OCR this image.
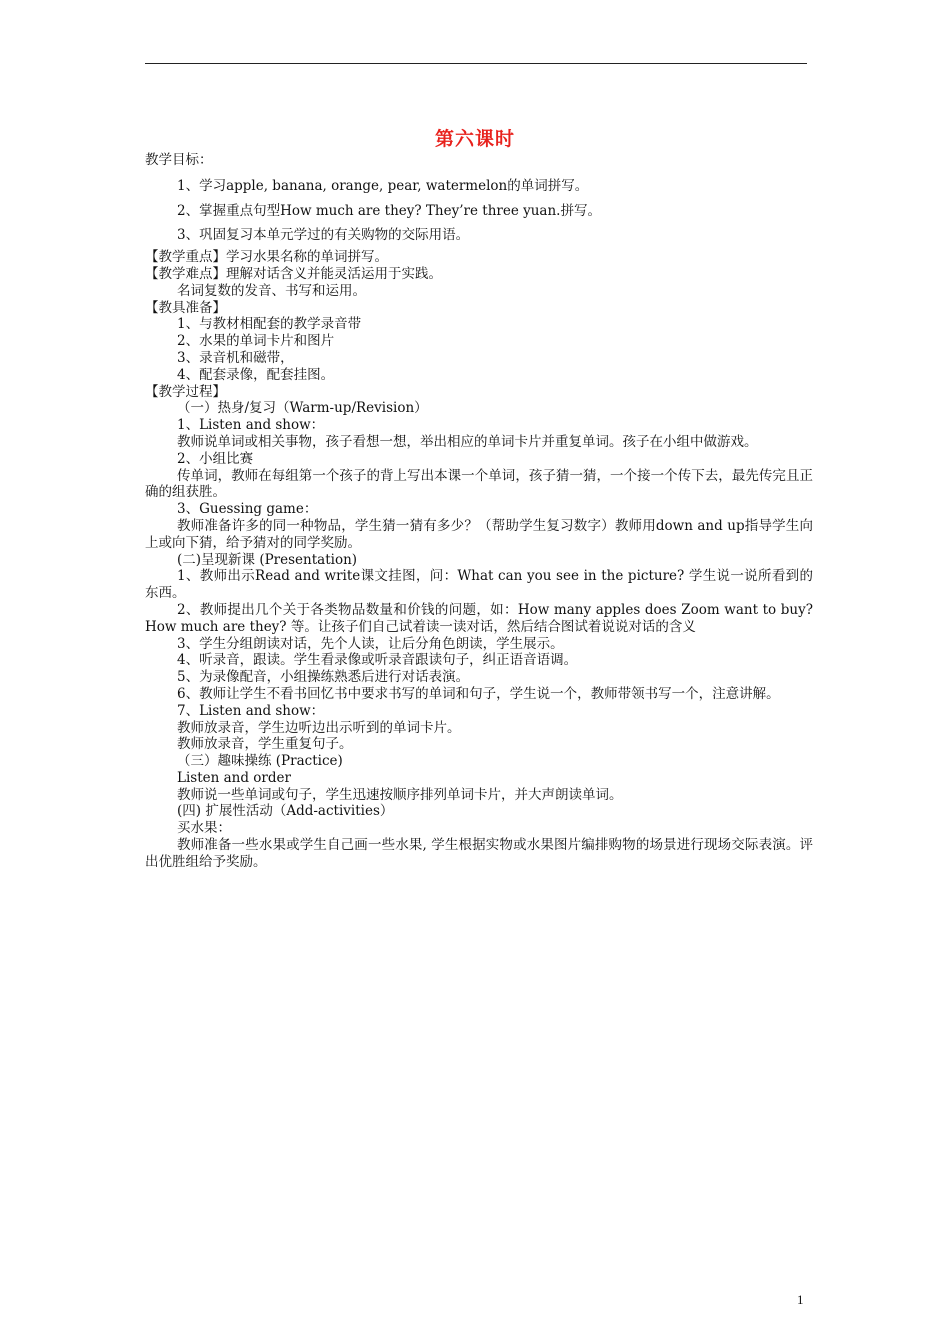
第六课时

教学目标：

1、学习apple, banana, orange, pear, watermelon的单词拼写。

2、掌握重点句型How much are they? They’re three yuan.拼写。

3、巩固复习本单元学过的有关购物的交际用语。

【教学重点】学习水果名称的单词拼写。

【教学难点】理解对话含义并能灵活运用于实践。

名词复数的发音、书写和运用。

【教具准备】

1、与教材相配套的教学录音带

2、水果的单词卡片和图片

3、录音机和磁带，

4、配套录像，配套挂图。

【教学过程】

（一）热身/复习（Warm-up/Revision）

1、Listen and show：

教师说单词或相关事物，孩子看想一想，举出相应的单词卡片并重复单词。孩子在小组中做游戏。

2、小组比赛

传单词，教师在每组第一个孩子的背上写出本课一个单词，孩子猜一猜，一个接一个传下去，最先传完且正确的组获胜。

3、Guessing game：

教师准备许多的同一种物品，学生猜一猜有多少？（帮助学生复习数字）教师用down and up指导学生向上或向下猜，给予猜对的同学奖励。

(二)呈现新课 (Presentation)

1、教师出示Read and write课文挂图，问：What can you see in the picture? 学生说一说所看到的东西。

2、教师提出几个关于各类物品数量和价钱的问题，如：How many apples does Zoom want to buy? How much are they? 等。让孩子们自己试着读一读对话，然后结合图试着说说对话的含义

3、学生分组朗读对话，先个人读，让后分角色朗读，学生展示。

4、听录音，跟读。学生看录像或听录音跟读句子，纠正语音语调。

5、为录像配音，小组操练熟悉后进行对话表演。

6、教师让学生不看书回忆书中要求书写的单词和句子，学生说一个，教师带领书写一个，注意讲解。

7、Listen and show：

教师放录音，学生边听边出示听到的单词卡片。

教师放录音，学生重复句子。

（三）趣味操练 (Practice)

Listen and order

教师说一些单词或句子，学生迅速按顺序排列单词卡片，并大声朗读单词。

(四) 扩展性活动（Add-activities）

买水果：

教师准备一些水果或学生自己画一些水果, 学生根据实物或水果图片编排购物的场景进行现场交际表演。评出优胜组给予奖励。

1
